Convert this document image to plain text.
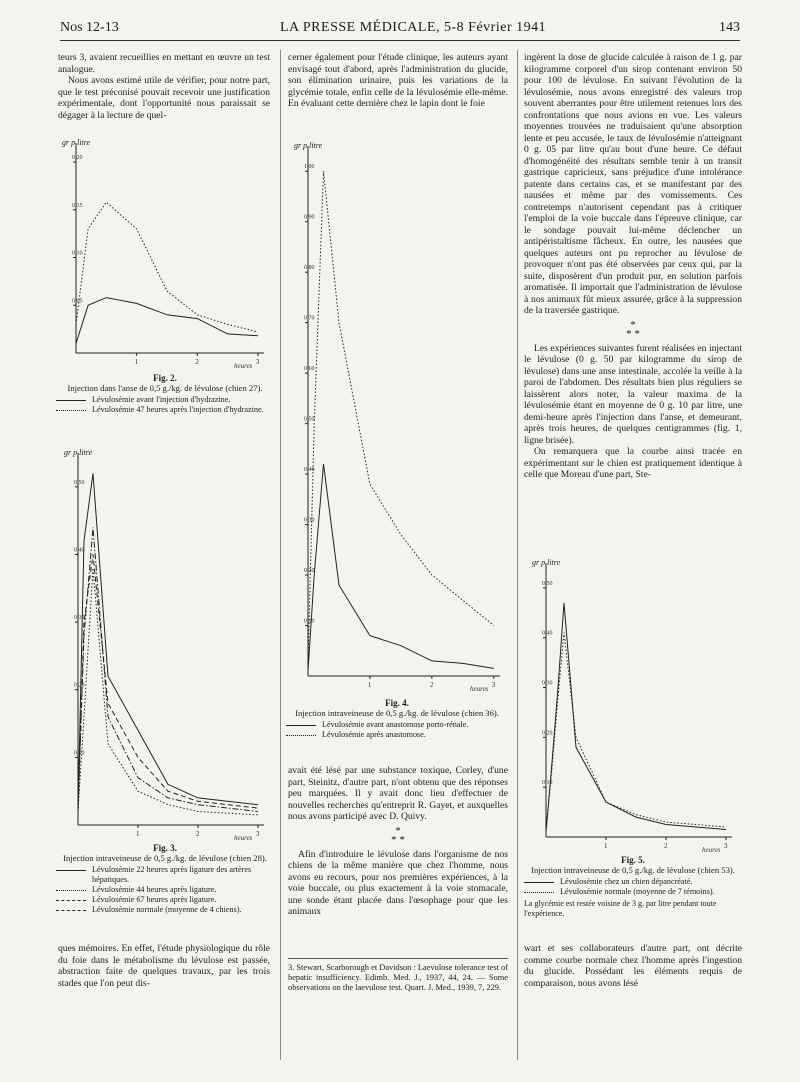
Nos 12-13	LA PRESSE MÉDICALE, 5-8 Février 1941	143

teurs 3, avaient recueillies en mettant en œuvre un test analogue.

Nous avons estimé utile de vérifier, pour notre part, que le test préconisé pouvait recevoir une justification expérimentale, dont l'opportunité nous paraissait se dégager à la lecture de quel-

gr p litre
0,20
0,15
0,10
0,05
1	2	3
heures
Fig. 2.
Injection dans l'anse de 0,5 g./kg. de lévulose (chien 27).
Lévulosémie avant l'injection d'hydrazine.
Lévulosémie 47 heures après l'injection d'hydrazine.
gr p litre
0,50
0,40
0,30
0,20
0,10
1	2	3
heures
Fig. 3.
Injection intraveineuse de 0,5 g./kg. de lévulose (chien 28).
Lévulosémie 22 heures après ligature des artères hépatiques.
Lévulosémie 44 heures après ligature.
Lévulosémie 67 heures après ligature.
Lévulosémie normale (moyenne de 4 chiens).

ques mémoires. En effet, l'étude physiologique du rôle du foie dans le métabolisme du lévulose est passée, abstraction faite de quelques travaux, par les trois stades que l'on peut dis-

cerner également pour l'étude clinique, les auteurs ayant envisagé tout d'abord, après l'administration du glucide, son élimination urinaire, puis les variations de la glycémie totale, enfin celle de la lévulosémie elle-même. En évaluant cette dernière chez le lapin dont le foie

gr p litre
1,00
0,90
0,80
0,70
0,60
0,50
0,40
0,30
0,20
0,10
1	2	3
heures
Fig. 4.
Injection intraveineuse de 0,5 g./kg. de lévulose (chien 36).
Lévulosémie avant anastomose porto-rénale.
Lévulosémie après anastomose.

avait été lésé par une substance toxique, Corley, d'une part, Steinitz, d'autre part, n'ont obtenu que des réponses peu marquées. Il y avait donc lieu d'effectuer de nouvelles recherches qu'entreprit R. Gayet, et auxquelles nous avons participé avec D. Quivy.

*
* *

Afin d'introduire le lévulose dans l'organisme de nos chiens de la même manière que chez l'homme, nous avons eu recours, pour nos premières expériences, à la voie buccale, ou plus exactement à la voie stomacale, une sonde étant placée dans l'œsophage pour que les animaux

3. Stewart, Scarborough et Davidson : Laevulose tolerance test of hepatic insufficiency. Edimb. Med. J., 1937, 44, 24. — Some observations on the laevulose test. Quart. J. Med., 1939, 7, 229.

ingèrent la dose de glucide calculée à raison de 1 g. par kilogramme corporel d'un sirop contenant environ 50 pour 100 de lévulose. En suivant l'évolution de la lévulosémie, nous avons enregistré des valeurs trop souvent aberrantes pour être utilement retenues lors des confrontations que nous avions en vue. Les valeurs moyennes trouvées ne traduisaient qu'une absorption lente et peu accusée, le taux de lévulosémie n'atteignant 0 g. 05 par litre qu'au bout d'une heure. Ce défaut d'homogénéité des résultats semble tenir à un transit gastrique capricieux, sans préjudice d'une intolérance patente dans certains cas, et se manifestant par des nausées et même par des vomissements. Ces contretemps n'autorisent cependant pas à critiquer l'emploi de la voie buccale dans l'épreuve clinique, car le sondage pouvait lui-même déclencher un antipéristaltisme fâcheux. En outre, les nausées que quelques auteurs ont pu reprocher au lévulose de provoquer n'ont pas été observées par ceux qui, par la suite, disposèrent d'un produit pur, en solution parfois aromatisée. Il importait que l'administration de lévulose à nos animaux fût mieux assurée, grâce à la suppression de la traversée gastrique.

*
* *

Les expériences suivantes furent réalisées en injectant le lévulose (0 g. 50 par kilogramme du sirop de lévulose) dans une anse intestinale, accolée la veille à la paroi de l'abdomen. Des résultats bien plus réguliers se laissèrent alors noter, la valeur maxima de la lévulosémie étant en moyenne de 0 g. 10 par litre, une demi-heure après l'injection dans l'anse, et demeurant, après trois heures, de quelques centigrammes (fig. 1, ligne brisée).

On remarquera que la courbe ainsi tracée en expérimentant sur le chien est pratiquement identique à celle que Moreau d'une part, Ste-

gr p litre
0,50
0,40
0,30
0,20
0,10
1	2	3
heures
Fig. 5.
Injection intraveineuse de 0,5 g./kg. de lévulose (chien 53).
Lévulosémie chez un chien dépancréaté.
Lévulosémie normale (moyenne de 7 témoins).
La glycémie est restée voisine de 3 g. par litre pendant toute l'expérience.

wart et ses collaborateurs d'autre part, ont décrite comme courbe normale chez l'homme après l'ingestion du glucide. Possédant les éléments requis de comparaison, nous avons lésé
